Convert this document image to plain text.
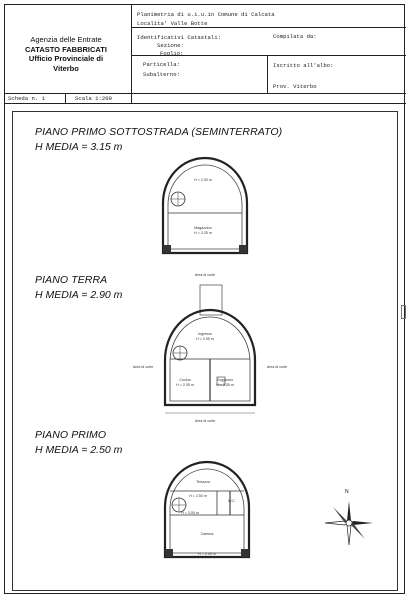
Agenzia delle Entrate
CATASTO FABBRICATI
Ufficio Provinciale di
Viterbo
Planimetria di u.i.u.in Comune di Calcata
Localita' Valle Botte
Identificativi Catastali:
Sezione:
Foglio:
Particella:
Subalterno:
Compilata da:
Iscritto all'albo:
Prov. Viterbo
Scheda n. 1	Scala 1:200
PIANO PRIMO SOTTOSTRADA (SEMINTERRATO)
H MEDIA = 3.15 m
PIANO TERRA
H MEDIA = 2.90 m
PIANO PRIMO
H MEDIA = 2.50 m
H = 2.00 m
Magazzino
H = 3.25 m
Area di corte
Ingresso
H = 2.95 m
Cucina
H = 2.35 m
Soggiorno
H = 2.35 m
Area di corte	Area di corte
Area di corte
Terrazza
H = 2.50 m
W.C.
H = 3.00 m
Camera
H = 2.05 m
N
